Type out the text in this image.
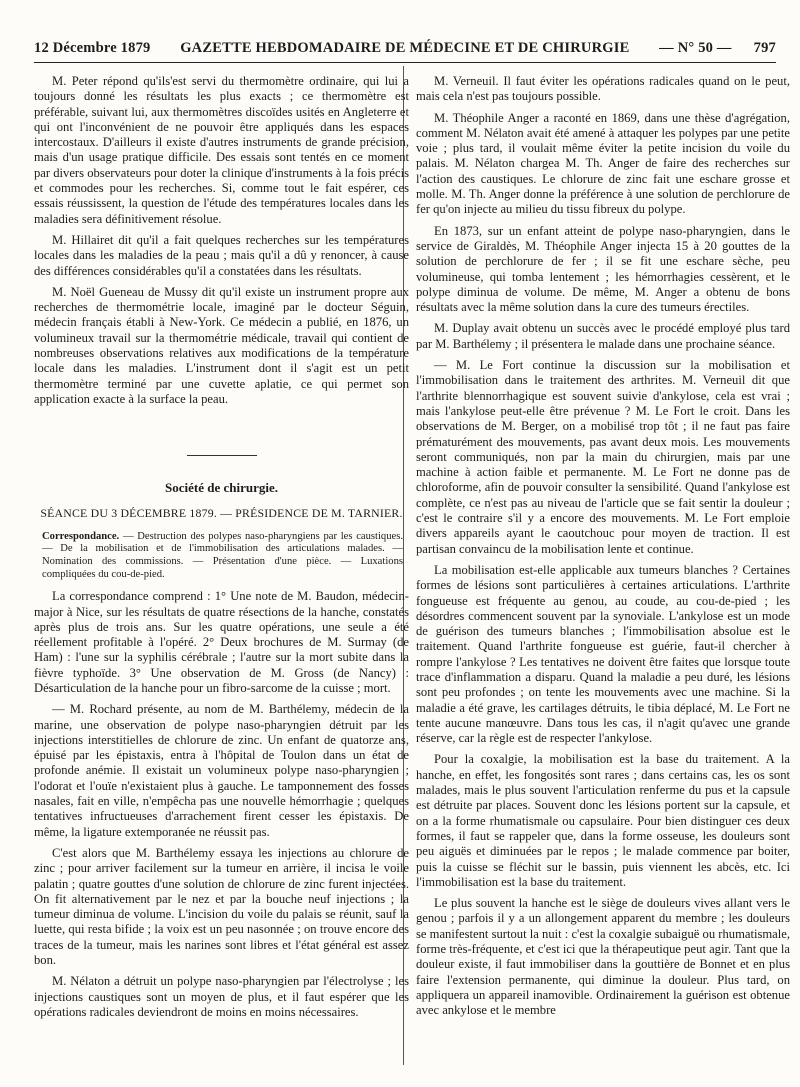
12 Décembre 1879 GAZETTE HEBDOMADAIRE DE MÉDECINE ET DE CHIRURGIE — N° 50 — 797

M. Peter répond qu'ils'est servi du thermomètre ordinaire, qui lui a toujours donné les résultats les plus exacts ; ce thermomètre est préférable, suivant lui, aux thermomètres discoïdes usités en Angleterre et qui ont l'inconvénient de ne pouvoir être appliqués dans les espaces intercostaux. D'ailleurs il existe d'autres instruments de grande précision, mais d'un usage pratique difficile. Des essais sont tentés en ce moment par divers observateurs pour doter la clinique d'instruments à la fois précis et commodes pour les recherches. Si, comme tout le fait espérer, ces essais réussissent, la question de l'étude des températures locales dans les maladies sera définitivement résolue.

M. Hillairet dit qu'il a fait quelques recherches sur les températures locales dans les maladies de la peau ; mais qu'il a dû y renoncer, à cause des différences considérables qu'il a constatées dans les résultats.

M. Noël Gueneau de Mussy dit qu'il existe un instrument propre aux recherches de thermométrie locale, imaginé par le docteur Séguin, médecin français établi à New-York. Ce médecin a publié, en 1876, un volumineux travail sur la thermométrie médicale, travail qui contient de nombreuses observations relatives aux modifications de la température locale dans les maladies. L'instrument dont il s'agit est un petit thermomètre terminé par une cuvette aplatie, ce qui permet son application exacte à la surface la peau.

Société de chirurgie.
SÉANCE DU 3 DÉCEMBRE 1879. — PRÉSIDENCE DE M. TARNIER.

Correspondance. — Destruction des polypes naso-pharyngiens par les caustiques. — De la mobilisation et de l'immobilisation des articulations malades. — Nomination des commissions. — Présentation d'une pièce. — Luxations compliquées du cou-de-pied.

La correspondance comprend : 1° Une note de M. Baudon, médecin-major à Nice, sur les résultats de quatre résections de la hanche, constatés après plus de trois ans. Sur les quatre opérations, une seule a été réellement profitable à l'opéré. 2° Deux brochures de M. Surmay (de Ham) : l'une sur la syphilis cérébrale ; l'autre sur la mort subite dans la fièvre typhoïde. 3° Une observation de M. Gross (de Nancy) : Désarticulation de la hanche pour un fibro-sarcome de la cuisse ; mort.

— M. Rochard présente, au nom de M. Barthélemy, médecin de la marine, une observation de polype naso-pharyngien détruit par les injections interstitielles de chlorure de zinc. Un enfant de quatorze ans, épuisé par les épistaxis, entra à l'hôpital de Toulon dans un état de profonde anémie. Il existait un volumineux polype naso-pharyngien ; l'odorat et l'ouïe n'existaient plus à gauche. Le tamponnement des fosses nasales, fait en ville, n'empêcha pas une nouvelle hémorrhagie ; quelques tentatives infructueuses d'arrachement firent cesser les épistaxis. De même, la ligature extemporanée ne réussit pas.

C'est alors que M. Barthélemy essaya les injections au chlorure de zinc ; pour arriver facilement sur la tumeur en arrière, il incisa le voile palatin ; quatre gouttes d'une solution de chlorure de zinc furent injectées. On fit alternativement par le nez et par la bouche neuf injections ; la tumeur diminua de volume. L'incision du voile du palais se réunit, sauf la luette, qui resta bifide ; la voix est un peu nasonnée ; on trouve encore des traces de la tumeur, mais les narines sont libres et l'état général est assez bon.

M. Nélaton a détruit un polype naso-pharyngien par l'électrolyse ; les injections caustiques sont un moyen de plus, et il faut espérer que les opérations radicales deviendront de moins en moins nécessaires.

M. Verneuil. Il faut éviter les opérations radicales quand on le peut, mais cela n'est pas toujours possible.

M. Théophile Anger a raconté en 1869, dans une thèse d'agrégation, comment M. Nélaton avait été amené à attaquer les polypes par une petite voie ; plus tard, il voulait même éviter la petite incision du voile du palais. M. Nélaton chargea M. Th. Anger de faire des recherches sur l'action des caustiques. Le chlorure de zinc fait une eschare grosse et molle. M. Th. Anger donne la préférence à une solution de perchlorure de fer qu'on injecte au milieu du tissu fibreux du polype.

En 1873, sur un enfant atteint de polype naso-pharyngien, dans le service de Giraldès, M. Théophile Anger injecta 15 à 20 gouttes de la solution de perchlorure de fer ; il se fit une eschare sèche, peu volumineuse, qui tomba lentement ; les hémorrhagies cessèrent, et le polype diminua de volume. De même, M. Anger a obtenu de bons résultats avec la même solution dans la cure des tumeurs érectiles.

M. Duplay avait obtenu un succès avec le procédé employé plus tard par M. Barthélemy ; il présentera le malade dans une prochaine séance.

— M. Le Fort continue la discussion sur la mobilisation et l'immobilisation dans le traitement des arthrites. M. Verneuil dit que l'arthrite blennorrhagique est souvent suivie d'ankylose, cela est vrai ; mais l'ankylose peut-elle être prévenue ? M. Le Fort le croit. Dans les observations de M. Berger, on a mobilisé trop tôt ; il ne faut pas faire prématurément des mouvements, pas avant deux mois. Les mouvements seront communiqués, non par la main du chirurgien, mais par une machine à action faible et permanente. M. Le Fort ne donne pas de chloroforme, afin de pouvoir consulter la sensibilité. Quand l'ankylose est complète, ce n'est pas au niveau de l'article que se fait sentir la douleur ; c'est le contraire s'il y a encore des mouvements. M. Le Fort emploie divers appareils ayant le caoutchouc pour moyen de traction. Il est partisan convaincu de la mobilisation lente et continue.

La mobilisation est-elle applicable aux tumeurs blanches ? Certaines formes de lésions sont particulières à certaines articulations. L'arthrite fongueuse est fréquente au genou, au coude, au cou-de-pied ; les désordres commencent souvent par la synoviale. L'ankylose est un mode de guérison des tumeurs blanches ; l'immobilisation absolue est le traitement. Quand l'arthrite fongueuse est guérie, faut-il chercher à rompre l'ankylose ? Les tentatives ne doivent être faites que lorsque toute trace d'inflammation a disparu. Quand la maladie a peu duré, les lésions sont peu profondes ; on tente les mouvements avec une machine. Si la maladie a été grave, les cartilages détruits, le tibia déplacé, M. Le Fort ne tente aucune manœuvre. Dans tous les cas, il n'agit qu'avec une grande réserve, car la règle est de respecter l'ankylose.

Pour la coxalgie, la mobilisation est la base du traitement. A la hanche, en effet, les fongosités sont rares ; dans certains cas, les os sont malades, mais le plus souvent l'articulation renferme du pus et la capsule est détruite par places. Souvent donc les lésions portent sur la capsule, et on a la forme rhumatismale ou capsulaire. Pour bien distinguer ces deux formes, il faut se rappeler que, dans la forme osseuse, les douleurs sont peu aiguës et diminuées par le repos ; le malade commence par boiter, puis la cuisse se fléchit sur le bassin, puis viennent les abcès, etc. Ici l'immobilisation est la base du traitement.

Le plus souvent la hanche est le siège de douleurs vives allant vers le genou ; parfois il y a un allongement apparent du membre ; les douleurs se manifestent surtout la nuit : c'est la coxalgie subaiguë ou rhumatismale, forme très-fréquente, et c'est ici que la thérapeutique peut agir. Tant que la douleur existe, il faut immobiliser dans la gouttière de Bonnet et en plus faire l'extension permanente, qui diminue la douleur. Plus tard, on appliquera un appareil inamovible. Ordinairement la guérison est obtenue avec ankylose et le membre
